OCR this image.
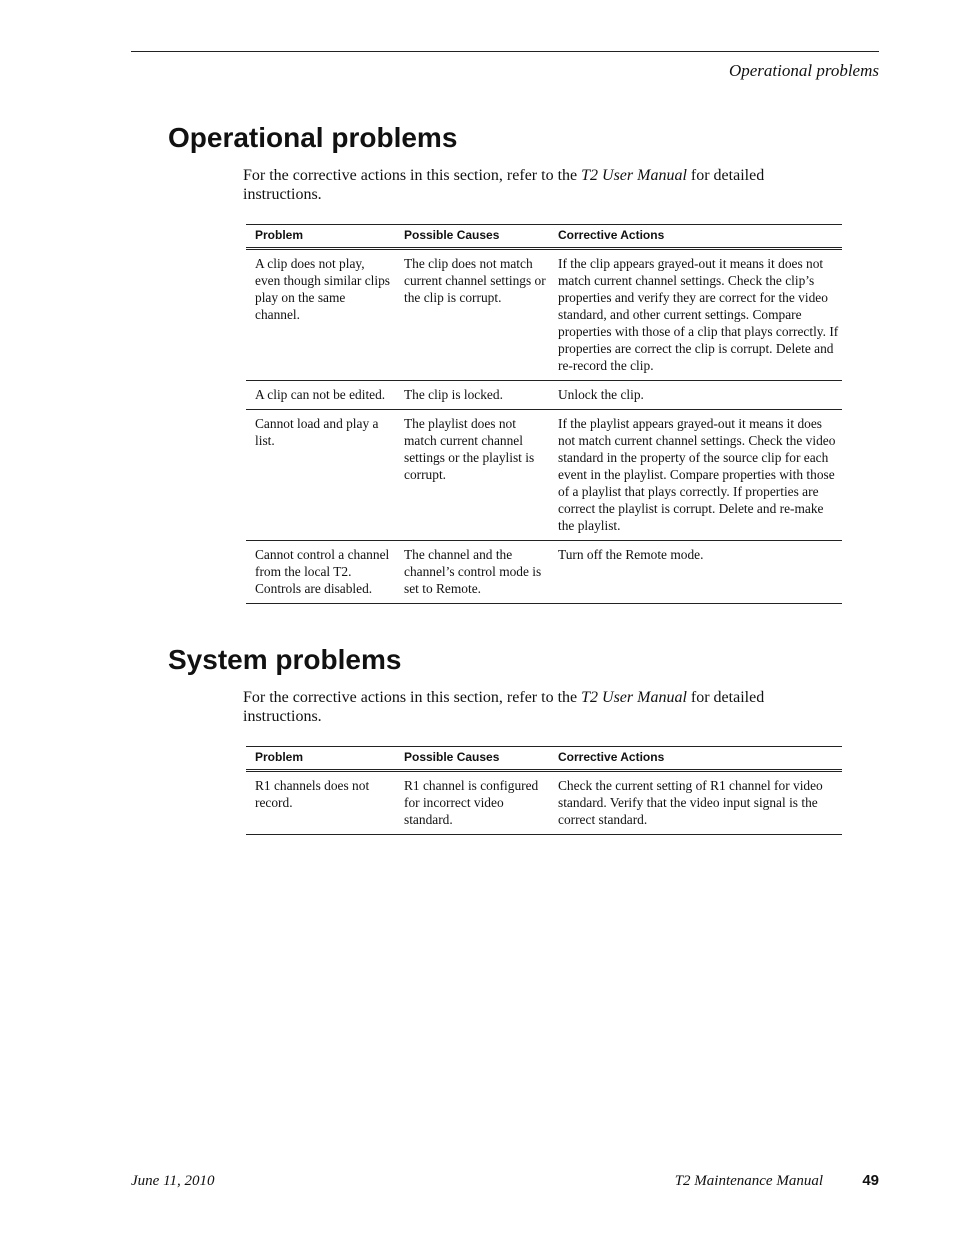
Operational problems
Operational problems

For the corrective actions in this section, refer to the T2 User Manual for detailed instructions.

Problem	Possible Causes	Corrective Actions
A clip does not play, even though similar clips play on the same channel.	The clip does not match current channel settings or the clip is corrupt.	If the clip appears grayed-out it means it does not match current channel settings. Check the clip’s properties and verify they are correct for the video standard, and other current settings. Compare properties with those of a clip that plays correctly. If properties are correct the clip is corrupt. Delete and re-record the clip.
A clip can not be edited.	The clip is locked.	Unlock the clip.
Cannot load and play a list.	The playlist does not match current channel settings or the playlist is corrupt.	If the playlist appears grayed-out it means it does not match current channel settings. Check the video standard in the property of the source clip for each event in the playlist. Compare properties with those of a playlist that plays correctly. If properties are correct the playlist is corrupt. Delete and re-make the playlist.
Cannot control a channel from the local T2. Controls are disabled.	The channel and the channel’s control mode is set to Remote.	Turn off the Remote mode.
System problems

For the corrective actions in this section, refer to the T2 User Manual for detailed instructions.

Problem	Possible Causes	Corrective Actions
R1 channels does not record.	R1 channel is configured for incorrect video standard.	Check the current setting of R1 channel for video standard. Verify that the video input signal is the correct standard.
June 11, 2010	T2 Maintenance Manual	49
